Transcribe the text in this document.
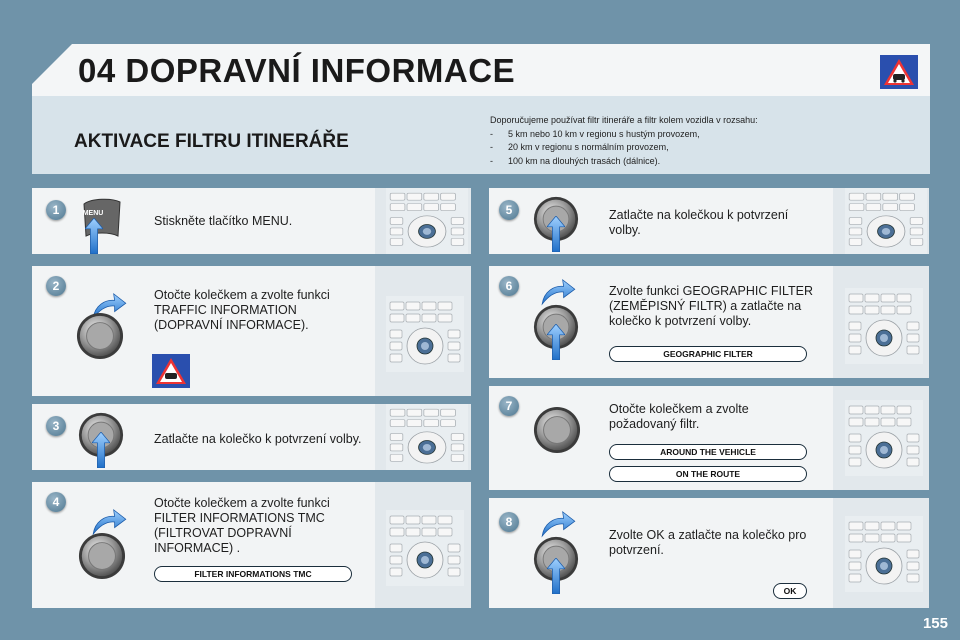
04 DOPRAVNÍ INFORMACE
AKTIVACE FILTRU ITINERÁŘE
Doporučujeme používat filtr itineráře a filtr kolem vozidla v rozsahu:
- 5 km nebo 10 km v regionu s hustým provozem,
- 20 km v regionu s normálním provozem,
- 100 km na dlouhých trasách (dálnice).
1	MENU
Stiskněte tlačítko MENU.
2
Otočte kolečkem a zvolte funkci TRAFFIC INFORMATION (DOPRAVNÍ INFORMACE).
3
Zatlačte na kolečko k potvrzení volby.
4	Otočte kolečkem a zvolte funkci FILTER INFORMATIONS TMC (FILTROVAT DOPRAVNÍ INFORMACE) .
FILTER INFORMATIONS TMC
5	Zatlačte na kolečkou k potvrzení volby.
6	Zvolte funkci GEOGRAPHIC FILTER (ZEMĚPISNÝ FILTR) a zatlačte na kolečko k potvrzení volby.
GEOGRAPHIC FILTER
7	Otočte kolečkem a zvolte požadovaný filtr.
AROUND THE VEHICLE
ON THE ROUTE
8
Zvolte OK a zatlačte na kolečko pro potvrzení.
OK
155
